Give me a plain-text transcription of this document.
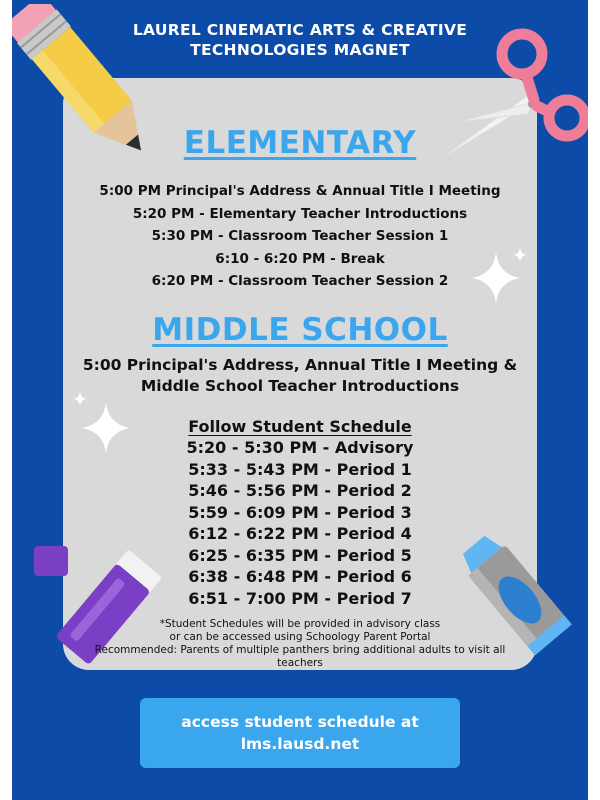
LAUREL CINEMATIC ARTS & CREATIVE
TECHNOLOGIES MAGNET
ELEMENTARY
5:00 PM Principal's Address & Annual Title I Meeting
5:20 PM - Elementary Teacher Introductions
5:30 PM - Classroom Teacher Session 1
6:10 - 6:20 PM - Break
6:20 PM - Classroom Teacher Session 2
MIDDLE SCHOOL
5:00 Principal's Address, Annual Title I Meeting &
Middle School Teacher Introductions
Follow Student Schedule
5:20 - 5:30 PM - Advisory
5:33 - 5:43 PM - Period 1
5:46 - 5:56 PM - Period 2
5:59 - 6:09 PM - Period 3
6:12 - 6:22 PM - Period 4
6:25 - 6:35 PM - Period 5
6:38 - 6:48 PM - Period 6
6:51 - 7:00 PM - Period 7
*Student Schedules will be provided in advisory class
or can be accessed using Schoology Parent Portal
Recommended: Parents of multiple panthers bring additional adults to visit all
teachers
access student schedule at
lms.lausd.net
